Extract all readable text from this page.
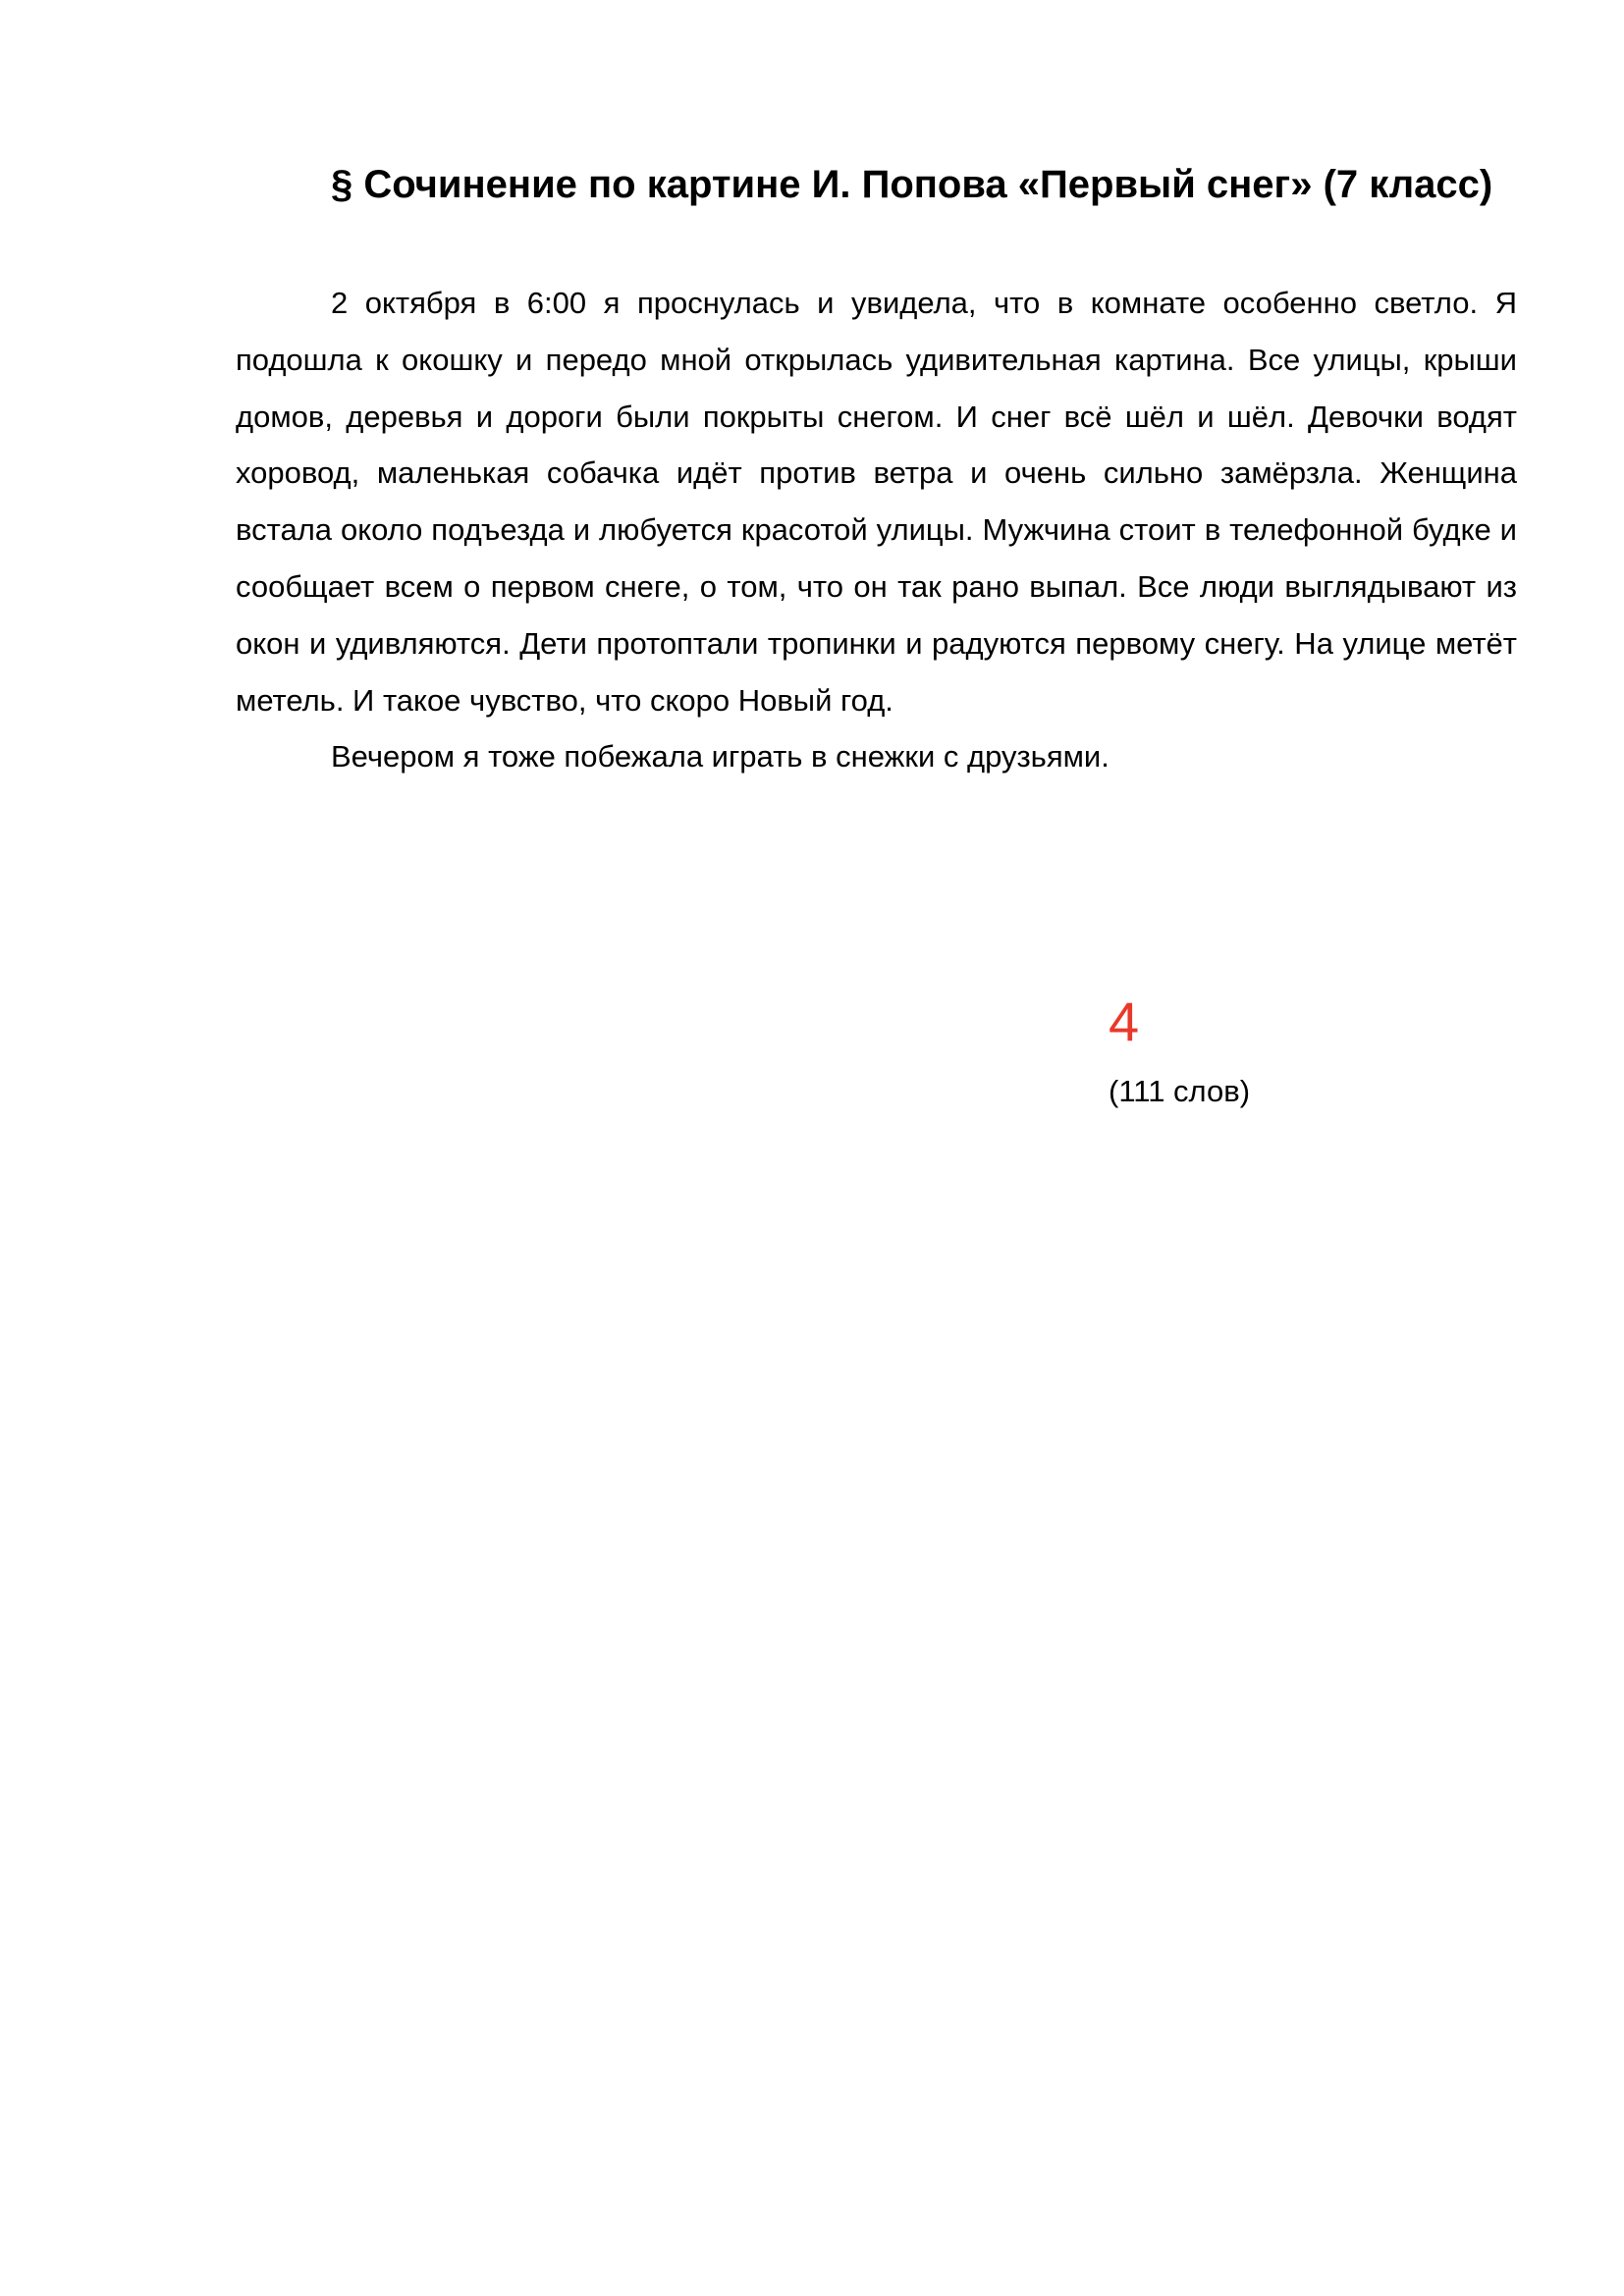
§ Сочинение по картине И. Попова «Первый снег» (7 класс)

2 октября в 6:00 я проснулась и увидела, что в комнате особенно светло. Я подошла к окошку и передо мной открылась удивительная картина. Все улицы, крыши домов, деревья и дороги были покрыты снегом. И снег всё шёл и шёл. Девочки водят хоровод, маленькая собачка идёт против ветра и очень сильно замёрзла. Женщина встала около подъезда и любуется красотой улицы. Мужчина стоит в телефонной будке и сообщает всем о первом снеге, о том, что он так рано выпал. Все люди выглядывают из окон и удивляются. Дети протоптали тропинки и радуются первому снегу. На улице метёт метель. И такое чувство, что скоро Новый год.

Вечером я тоже побежала играть в снежки с друзьями.

4

(111 слов)
